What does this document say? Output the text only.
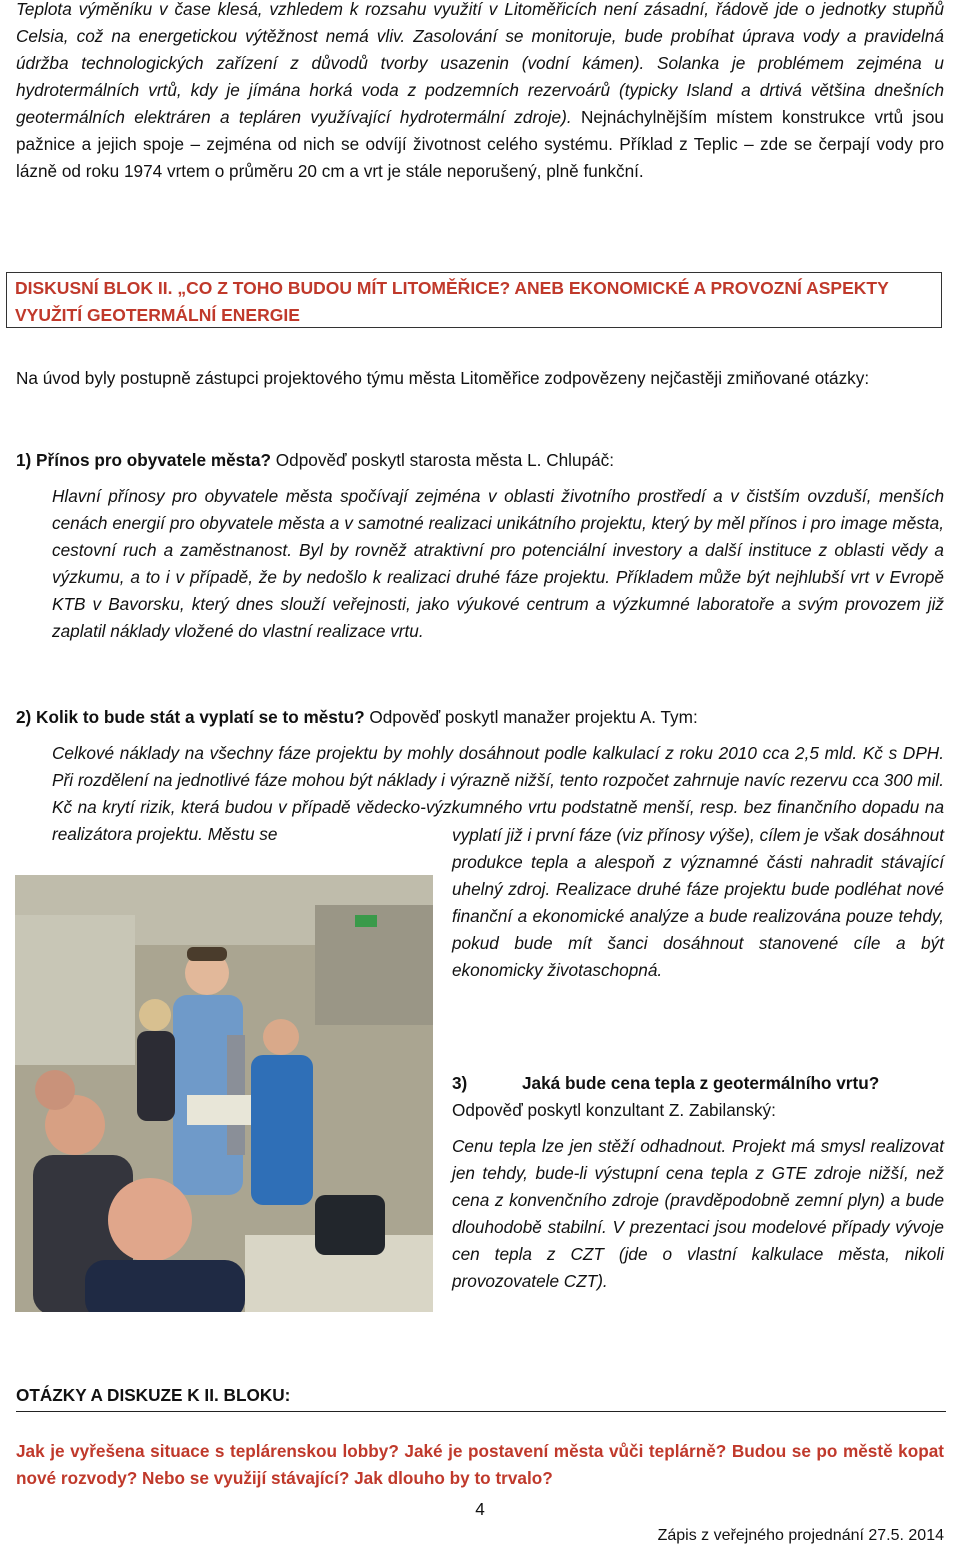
Teplota výměníku v čase klesá, vzhledem k rozsahu využití v Litoměřicích není zásadní, řádově jde o jednotky stupňů Celsia, což na energetickou výtěžnost nemá vliv. Zasolování se monitoruje, bude probíhat úprava vody a pravidelná údržba technologických zařízení z důvodů tvorby usazenin (vodní kámen). Solanka je problémem zejména u hydrotermálních vrtů, kdy je jímána horká voda z podzemních rezervoárů (typicky Island a drtivá většina dnešních geotermálních elektráren a tepláren využívající hydrotermální zdroje). Nejnáchylnějším místem konstrukce vrtů jsou pažnice a jejich spoje – zejména od nich se odvíjí životnost celého systému. Příklad z Teplic – zde se čerpají vody pro lázně od roku 1974 vrtem o průměru 20 cm a vrt je stále neporušený, plně funkční.

DISKUSNÍ BLOK II. „CO Z TOHO BUDOU MÍT LITOMĚŘICE? ANEB EKONOMICKÉ A PROVOZNÍ ASPEKTY VYUŽITÍ GEOTERMÁLNÍ ENERGIE

Na úvod byly postupně zástupci projektového týmu města Litoměřice zodpovězeny nejčastěji zmiňované otázky:

1) Přínos pro obyvatele města? Odpověď poskytl starosta města L. Chlupáč:

Hlavní přínosy pro obyvatele města spočívají zejména v oblasti životního prostředí a v čistším ovzduší, menších cenách energií pro obyvatele města a v samotné realizaci unikátního projektu, který by měl přínos i pro image města, cestovní ruch a zaměstnanost. Byl by rovněž atraktivní pro potenciální investory a další instituce z oblasti vědy a výzkumu, a to i v případě, že by nedošlo k realizaci druhé fáze projektu. Příkladem může být nejhlubší vrt v Evropě KTB v Bavorsku, který dnes slouží veřejnosti, jako výukové centrum a výzkumné laboratoře a svým provozem již zaplatil náklady vložené do vlastní realizace vrtu.

2) Kolik to bude stát a vyplatí se to městu? Odpověď poskytl manažer projektu A. Tym:

Celkové náklady na všechny fáze projektu by mohly dosáhnout podle kalkulací z roku 2010 cca 2,5 mld. Kč s DPH. Při rozdělení na jednotlivé fáze mohou být náklady i výrazně nižší, tento rozpočet zahrnuje navíc rezervu cca 300 mil. Kč na krytí rizik, která budou v případě vědecko-výzkumného vrtu podstatně menší, resp. bez finančního dopadu na realizátora projektu. Městu se	vyplatí již i první fáze (viz přínosy výše), cílem je však dosáhnout produkce tepla a alespoň z významné části nahradit stávající uhelný zdroj. Realizace druhé fáze projektu bude podléhat nové finanční a ekonomické analýze a bude realizována pouze tehdy, pokud bude mít šanci dosáhnout stanovené cíle a být ekonomicky životaschopná.

3)	Jaká bude cena tepla z geotermálního vrtu?

Odpověď poskytl konzultant Z. Zabilanský:

Cenu tepla lze jen stěží odhadnout. Projekt má smysl realizovat jen tehdy, bude-li výstupní cena tepla z GTE zdroje nižší, než cena z konvenčního zdroje (pravděpodobně zemní plyn) a bude dlouhodobě stabilní. V prezentaci jsou modelové případy vývoje cen tepla z CZT (jde o vlastní kalkulace města, nikoli provozovatele CZT).

OTÁZKY A DISKUZE K II. BLOKU:

Jak je vyřešena situace s teplárenskou lobby? Jaké je postavení města vůči teplárně? Budou se po městě kopat nové rozvody? Nebo se využijí stávající? Jak dlouho by to trvalo?

4
Zápis z veřejného projednání 27.5. 2014
